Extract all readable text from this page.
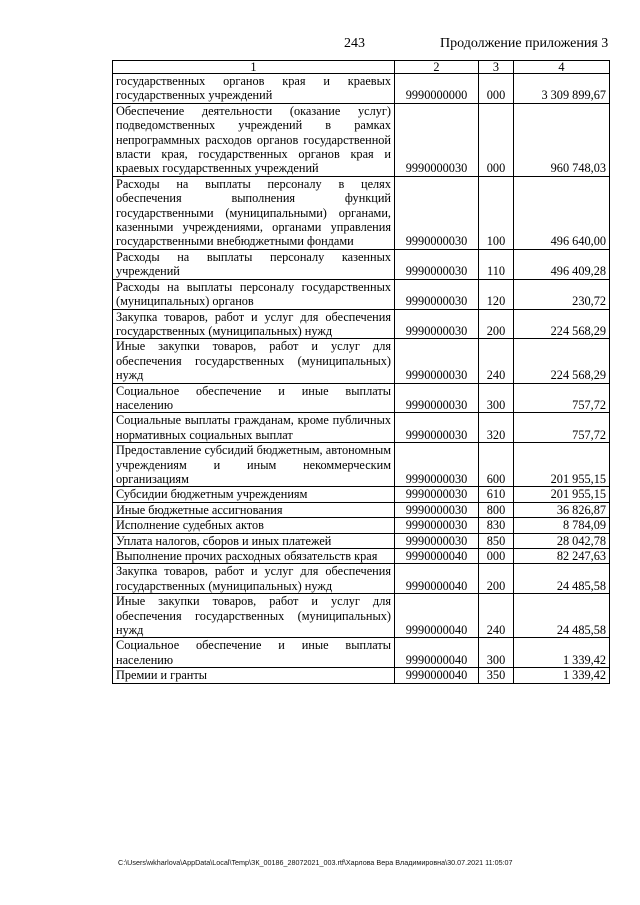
243	Продолжение приложения 3
1	2	3	4
государственных органов края и краевых государственных учреждений	9990000000	000	3 309 899,67
Обеспечение деятельности (оказание услуг) подведомственных учреждений в рамках непрограммных расходов органов государственной власти края, государственных органов края и краевых государственных учреждений	9990000030	000	960 748,03
Расходы на выплаты персоналу в целях обеспечения выполнения функций государственными (муниципальными) органами, казенными учреждениями, органами управления государственными внебюджетными фондами	9990000030	100	496 640,00
Расходы на выплаты персоналу казенных учреждений	9990000030	110	496 409,28
Расходы на выплаты персоналу государственных (муниципальных) органов	9990000030	120	230,72
Закупка товаров, работ и услуг для обеспечения государственных (муниципальных) нужд	9990000030	200	224 568,29
Иные закупки товаров, работ и услуг для обеспечения государственных (муниципальных) нужд	9990000030	240	224 568,29
Социальное обеспечение и иные выплаты населению	9990000030	300	757,72
Социальные выплаты гражданам, кроме публичных нормативных социальных выплат	9990000030	320	757,72
Предоставление субсидий бюджетным, автономным учреждениям и иным некоммерческим организациям	9990000030	600	201 955,15
Субсидии бюджетным учреждениям	9990000030	610	201 955,15
Иные бюджетные ассигнования	9990000030	800	36 826,87
Исполнение судебных актов	9990000030	830	8 784,09
Уплата налогов, сборов и иных платежей	9990000030	850	28 042,78
Выполнение прочих расходных обязательств края	9990000040	000	82 247,63
Закупка товаров, работ и услуг для обеспечения государственных (муниципальных) нужд	9990000040	200	24 485,58
Иные закупки товаров, работ и услуг для обеспечения государственных (муниципальных) нужд	9990000040	240	24 485,58
Социальное обеспечение и иные выплаты населению	9990000040	300	1 339,42
Премии и гранты	9990000040	350	1 339,42
C:\Users\wkharlova\AppData\Local\Temp\ЗК_00186_28072021_003.rtf\Харлова Вера Владимировна\30.07.2021 11:05:07
